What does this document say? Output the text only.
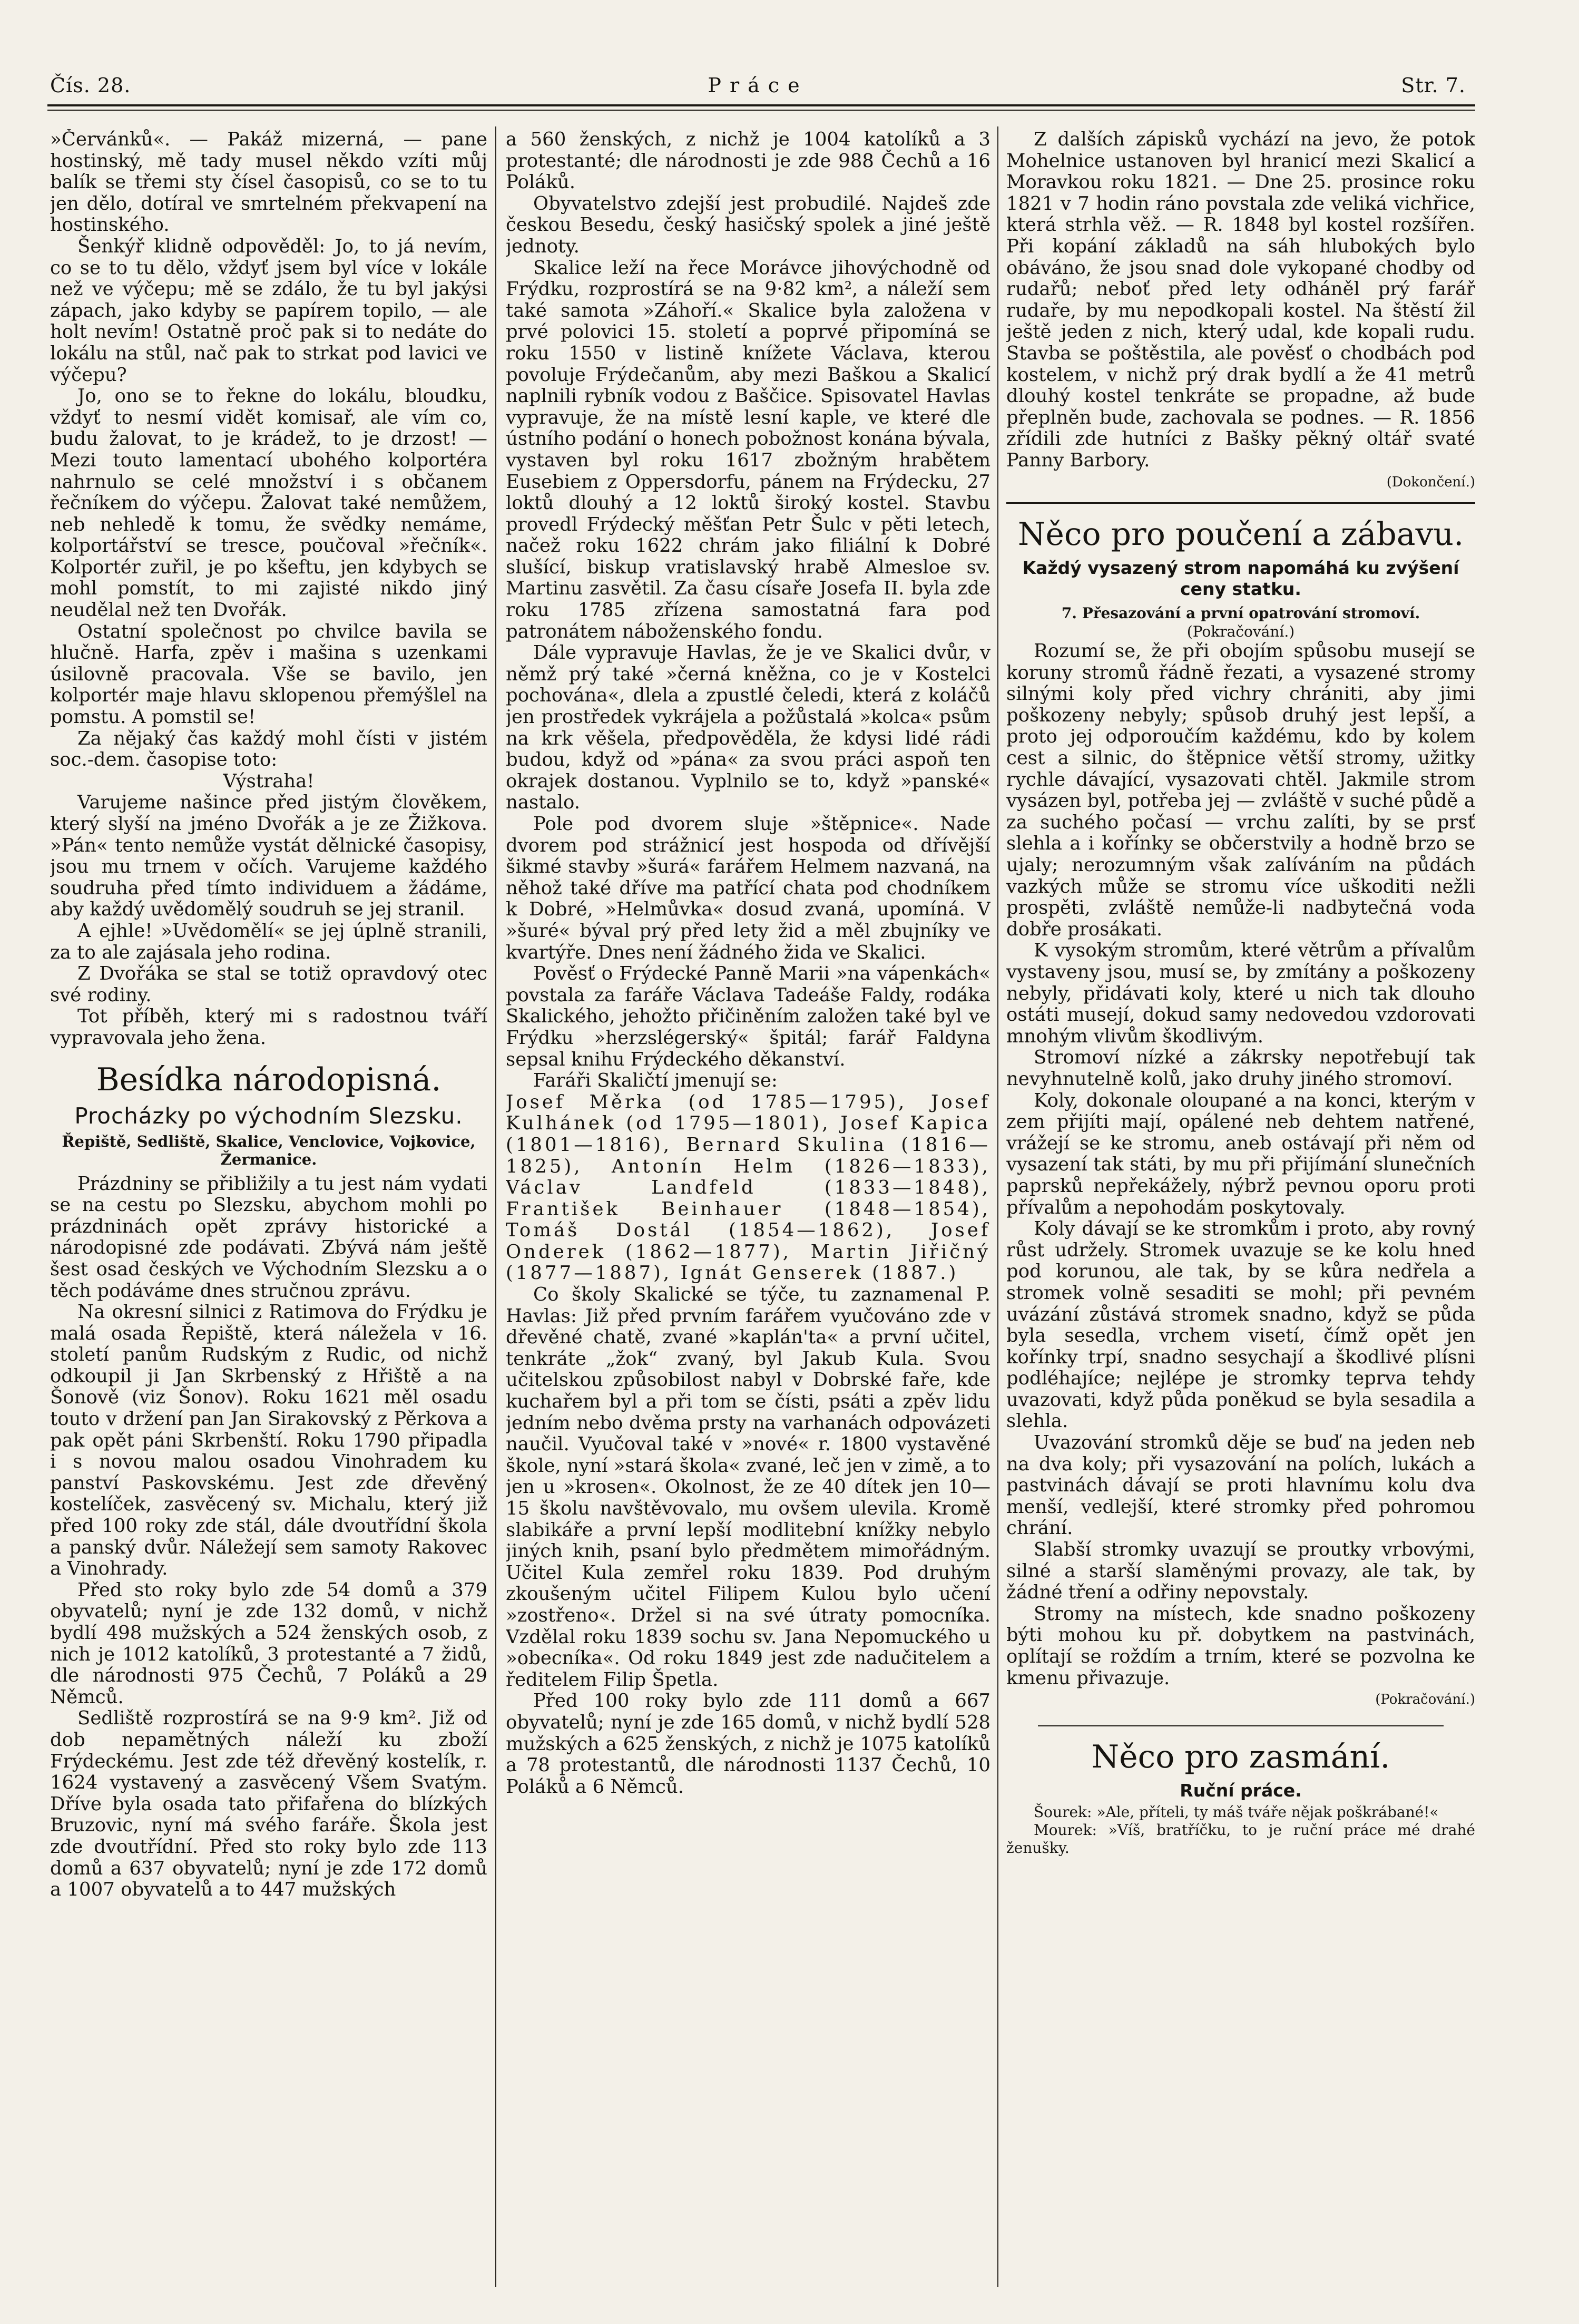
Čís. 28.	Práce	Str. 7.

»Červánků«. — Pakáž mizerná, — pane hostinský, mě tady musel někdo vzíti můj balík se třemi sty čísel časopisů, co se to tu jen dělo, dotíral ve smrtelném překvapení na hostinského.

Šenkýř klidně odpověděl: Jo, to já nevím, co se to tu dělo, vždyť jsem byl více v lokále než ve výčepu; mě se zdálo, že tu byl jakýsi zápach, jako kdyby se papírem topilo, — ale holt nevím! Ostatně proč pak si to nedáte do lokálu na stůl, nač pak to strkat pod lavici ve výčepu?

Jo, ono se to řekne do lokálu, bloudku, vždyť to nesmí vidět komisař, ale vím co, budu žalovat, to je krádež, to je drzost! — Mezi touto lamentací ubohého kolportéra nahrnulo se celé množství i s občanem řečníkem do výčepu. Žalovat také nemůžem, neb nehledě k tomu, že svědky nemáme, kolportářství se tresce, poučoval »řečník«. Kolportér zuřil, je po kšeftu, jen kdybych se mohl pomstít, to mi zajisté nikdo jiný neudělal než ten Dvořák.

Ostatní společnost po chvilce bavila se hlučně. Harfa, zpěv i mašina s uzenkami úsilovně pracovala. Vše se bavilo, jen kolportér maje hlavu sklopenou přemýšlel na pomstu. A pomstil se!

Za nějaký čas každý mohl čísti v jistém soc.-dem. časopise toto:

Výstraha!

Varujeme našince před jistým člověkem, který slyší na jméno Dvořák a je ze Žižkova. »Pán« tento nemůže vystát dělnické časopisy, jsou mu trnem v očích. Varujeme každého soudruha před tímto individuem a žádáme, aby každý uvědomělý soudruh se jej stranil.

A ejhle! »Uvědomělí« se jej úplně stranili, za to ale zajásala jeho rodina.

Z Dvořáka se stal se totiž opravdový otec své rodiny.

Tot příběh, který mi s radostnou tváří vypravovala jeho žena.

Besídka národopisná.
Procházky po východním Slezsku.
Řepiště, Sedliště, Skalice, Venclovice, Vojkovice, Žermanice.

Prázdniny se přibližily a tu jest nám vydati se na cestu po Slezsku, abychom mohli po prázdninách opět zprávy historické a národopisné zde podávati. Zbývá nám ještě šest osad českých ve Východním Slezsku a o těch podáváme dnes stručnou zprávu.

Na okresní silnici z Ratimova do Frýdku je malá osada Řepiště, která náležela v 16. století panům Rudským z Rudic, od nichž odkoupil ji Jan Skrbenský z Hřiště a na Šonově (viz Šonov). Roku 1621 měl osadu touto v držení pan Jan Sirakovský z Pěrkova a pak opět páni Skrbenští. Roku 1790 připadla i s novou malou osadou Vinohradem ku panství Paskovskému. Jest zde dřevěný kostelíček, zasvěcený sv. Michalu, který již před 100 roky zde stál, dále dvoutřídní škola a panský dvůr. Náležejí sem samoty Rakovec a Vinohrady.

Před sto roky bylo zde 54 domů a 379 obyvatelů; nyní je zde 132 domů, v nichž bydlí 498 mužských a 524 ženských osob, z nich je 1012 katolíků, 3 protestanté a 7 židů, dle národnosti 975 Čechů, 7 Poláků a 29 Němců.

Sedliště rozprostírá se na 9·9 km². Již od dob nepamětných náleží ku zboží Frýdeckému. Jest zde též dřevěný kostelík, r. 1624 vystavený a zasvěcený Všem Svatým. Dříve byla osada tato přifařena do blízkých Bruzovic, nyní má svého faráře. Škola jest zde dvoutřídní. Před sto roky bylo zde 113 domů a 637 obyvatelů; nyní je zde 172 domů a 1007 obyvatelů a to 447 mužských

a 560 ženských, z nichž je 1004 katolíků a 3 protestanté; dle národnosti je zde 988 Čechů a 16 Poláků.

Obyvatelstvo zdejší jest probudilé. Najdeš zde českou Besedu, český hasičský spolek a jiné ještě jednoty.

Skalice leží na řece Morávce jihovýchodně od Frýdku, rozprostírá se na 9·82 km², a náleží sem také samota »Záhoří.« Skalice byla založena v prvé polovici 15. století a poprvé připomíná se roku 1550 v listině knížete Václava, kterou povoluje Frýdečanům, aby mezi Baškou a Skalicí naplnili rybník vodou z Baščice. Spisovatel Havlas vypravuje, že na místě lesní kaple, ve které dle ústního podání o honech pobožnost konána bývala, vystaven byl roku 1617 zbožným hrabětem Eusebiem z Oppersdorfu, pánem na Frýdecku, 27 loktů dlouhý a 12 loktů široký kostel. Stavbu provedl Frýdecký měšťan Petr Šulc v pěti letech, načež roku 1622 chrám jako filiální k Dobré slušící, biskup vratislavský hrabě Almesloe sv. Martinu zasvětil. Za času císaře Josefa II. byla zde roku 1785 zřízena samostatná fara pod patronátem náboženského fondu.

Dále vypravuje Havlas, že je ve Skalici dvůr, v němž prý také »černá kněžna, co je v Kostelci pochována«, dlela a zpustlé čeledi, která z koláčů jen prostředek vykrájela a požůstalá »kolca« psům na krk věšela, předpověděla, že kdysi lidé rádi budou, když od »pána« za svou práci aspoň ten okrajek dostanou. Vyplnilo se to, když »panské« nastalo.

Pole pod dvorem sluje »štěpnice«. Nade dvorem pod strážnicí jest hospoda od dřívější šikmé stavby »šurá« farářem Helmem nazvaná, na něhož také dříve ma patřící chata pod chodníkem k Dobré, »Helmůvka« dosud zvaná, upomíná. V »šuré« býval prý před lety žid a měl zbujníky ve kvartýře. Dnes není žádného žida ve Skalici.

Pověsť o Frýdecké Panně Marii »na vápenkách« povstala za faráře Václava Tadeáše Faldy, rodáka Skalického, jehožto přičiněním založen také byl ve Frýdku »herzslégerský« špitál; farář Faldyna sepsal knihu Frýdeckého děkanství.

Faráři Skaličtí jmenují se:

Josef Měrka (od 1785—1795), Josef Kulhánek (od 1795—1801), Josef Kapica (1801—1816), Bernard Skulina (1816—1825), Antonín Helm (1826—1833), Václav Landfeld (1833—1848), František Beinhauer (1848—1854), Tomáš Dostál (1854—1862), Josef Onderek (1862—1877), Martin Jiřičný (1877—1887), Ignát Genserek (1887.)

Co školy Skalické se týče, tu zaznamenal P. Havlas: Již před prvním farářem vyučováno zde v dřevěné chatě, zvané »kaplán'ta« a první učitel, tenkráte „žok“ zvaný, byl Jakub Kula. Svou učitelskou způsobilost nabyl v Dobrské faře, kde kuchařem byl a při tom se čísti, psáti a zpěv lidu jedním nebo dvěma prsty na varhanách odpovázeti naučil. Vyučoval také v »nové« r. 1800 vystavěné škole, nyní »stará škola« zvané, leč jen v zimě, a to jen u »krosen«. Okolnost, že ze 40 dítek jen 10—15 školu navštěvovalo, mu ovšem ulevila. Kromě slabikáře a první lepší modlitební knížky nebylo jiných knih, psaní bylo předmětem mimořádným. Učitel Kula zemřel roku 1839. Pod druhým zkoušeným učitel Filipem Kulou bylo učení »zostřeno«. Držel si na své útraty pomocníka. Vzdělal roku 1839 sochu sv. Jana Nepomuckého u »obecníka«. Od roku 1849 jest zde nadučitelem a ředitelem Filip Špetla.

Před 100 roky bylo zde 111 domů a 667 obyvatelů; nyní je zde 165 domů, v nichž bydlí 528 mužských a 625 ženských, z nichž je 1075 katolíků a 78 protestantů, dle národnosti 1137 Čechů, 10 Poláků a 6 Němců.

Z dalších zápisků vychází na jevo, že potok Mohelnice ustanoven byl hranicí mezi Skalicí a Moravkou roku 1821. — Dne 25. prosince roku 1821 v 7 hodin ráno povstala zde veliká vichřice, která strhla věž. — R. 1848 byl kostel rozšířen. Při kopání základů na sáh hlubokých bylo obáváno, že jsou snad dole vykopané chodby od rudařů; neboť před lety odháněl prý farář rudaře, by mu nepodkopali kostel. Na štěstí žil ještě jeden z nich, který udal, kde kopali rudu. Stavba se poštěstila, ale pověsť o chodbách pod kostelem, v nichž prý drak bydlí a že 41 metrů dlouhý kostel tenkráte se propadne, až bude přeplněn bude, zachovala se podnes. — R. 1856 zřídili zde hutníci z Bašky pěkný oltář svaté Panny Barbory.

(Dokončení.)

Něco pro poučení a zábavu.
Každý vysazený strom napomáhá ku zvýšení ceny statku.
7. Přesazování a první opatrování stromoví.

(Pokračování.)

Rozumí se, že při obojím spůsobu musejí se koruny stromů řádně řezati, a vysazené stromy silnými koly před vichry chrániti, aby jimi poškozeny nebyly; spůsob druhý jest lepší, a proto jej odporoučím každému, kdo by kolem cest a silnic, do štěpnice větší stromy, užitky rychle dávající, vysazovati chtěl. Jakmile strom vysázen byl, potřeba jej — zvláště v suché půdě a za suchého počasí — vrchu zalíti, by se prsť slehla a i kořínky se občerstvily a hodně brzo se ujaly; nerozumným však zalíváním na půdách vazkých může se stromu více uškoditi nežli prospěti, zvláště nemůže-li nadbytečná voda dobře prosákati.

K vysokým stromům, které větrům a přívalům vystaveny jsou, musí se, by zmítány a poškozeny nebyly, přidávati koly, které u nich tak dlouho ostáti musejí, dokud samy nedovedou vzdorovati mnohým vlivům škodlivým.

Stromoví nízké a zákrsky nepotřebují tak nevyhnutelně kolů, jako druhy jiného stromoví.

Koly, dokonale oloupané a na konci, kterým v zem přijíti mají, opálené neb dehtem natřené, vrážejí se ke stromu, aneb ostávají při něm od vysazení tak státi, by mu při přijímání slunečních paprsků nepřekážely, nýbrž pevnou oporu proti přívalům a nepohodám poskytovaly.

Koly dávají se ke stromkům i proto, aby rovný růst udržely. Stromek uvazuje se ke kolu hned pod korunou, ale tak, by se kůra nedřela a stromek volně sesaditi se mohl; při pevném uvázání zůstává stromek snadno, když se půda byla sesedla, vrchem visetí, čímž opět jen kořínky trpí, snadno sesychají a škodlivé plísni podléhajíce; nejlépe je stromky teprva tehdy uvazovati, když půda poněkud se byla sesadila a slehla.

Uvazování stromků děje se buď na jeden neb na dva koly; při vysazování na polích, lukách a pastvinách dávají se proti hlavnímu kolu dva menší, vedlejší, které stromky před pohromou chrání.

Slabší stromky uvazují se proutky vrbovými, silné a starší slaměnými provazy, ale tak, by žádné tření a odřiny nepovstaly.

Stromy na místech, kde snadno poškozeny býti mohou ku př. dobytkem na pastvinách, oplítají se roždím a trním, které se pozvolna ke kmenu přivazuje.

(Pokračování.)

Něco pro zasmání.
Ruční práce.

Šourek: »Ale, příteli, ty máš tváře nějak poškrábané!«

Mourek: »Víš, bratříčku, to je ruční práce mé drahé ženušky.
